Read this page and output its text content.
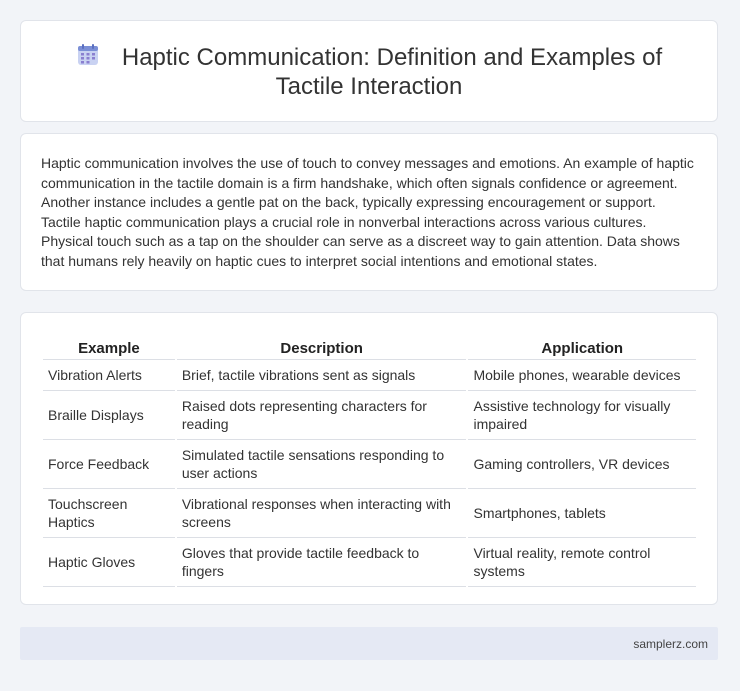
Haptic Communication: Definition and Examples of
Tactile Interaction
Haptic communication involves the use of touch to convey messages and emotions. An example of haptic communication in the tactile domain is a firm handshake, which often signals confidence or agreement. Another instance includes a gentle pat on the back, typically expressing encouragement or support. Tactile haptic communication plays a crucial role in nonverbal interactions across various cultures. Physical touch such as a tap on the shoulder can serve as a discreet way to gain attention. Data shows that humans rely heavily on haptic cues to interpret social intentions and emotional states.
Example	Description	Application
Vibration Alerts	Brief, tactile vibrations sent as signals	Mobile phones, wearable devices
Braille Displays	Raised dots representing characters for reading	Assistive technology for visually impaired
Force Feedback	Simulated tactile sensations responding to user actions	Gaming controllers, VR devices
Touchscreen Haptics	Vibrational responses when interacting with screens	Smartphones, tablets
Haptic Gloves	Gloves that provide tactile feedback to fingers	Virtual reality, remote control systems
samplerz.com
